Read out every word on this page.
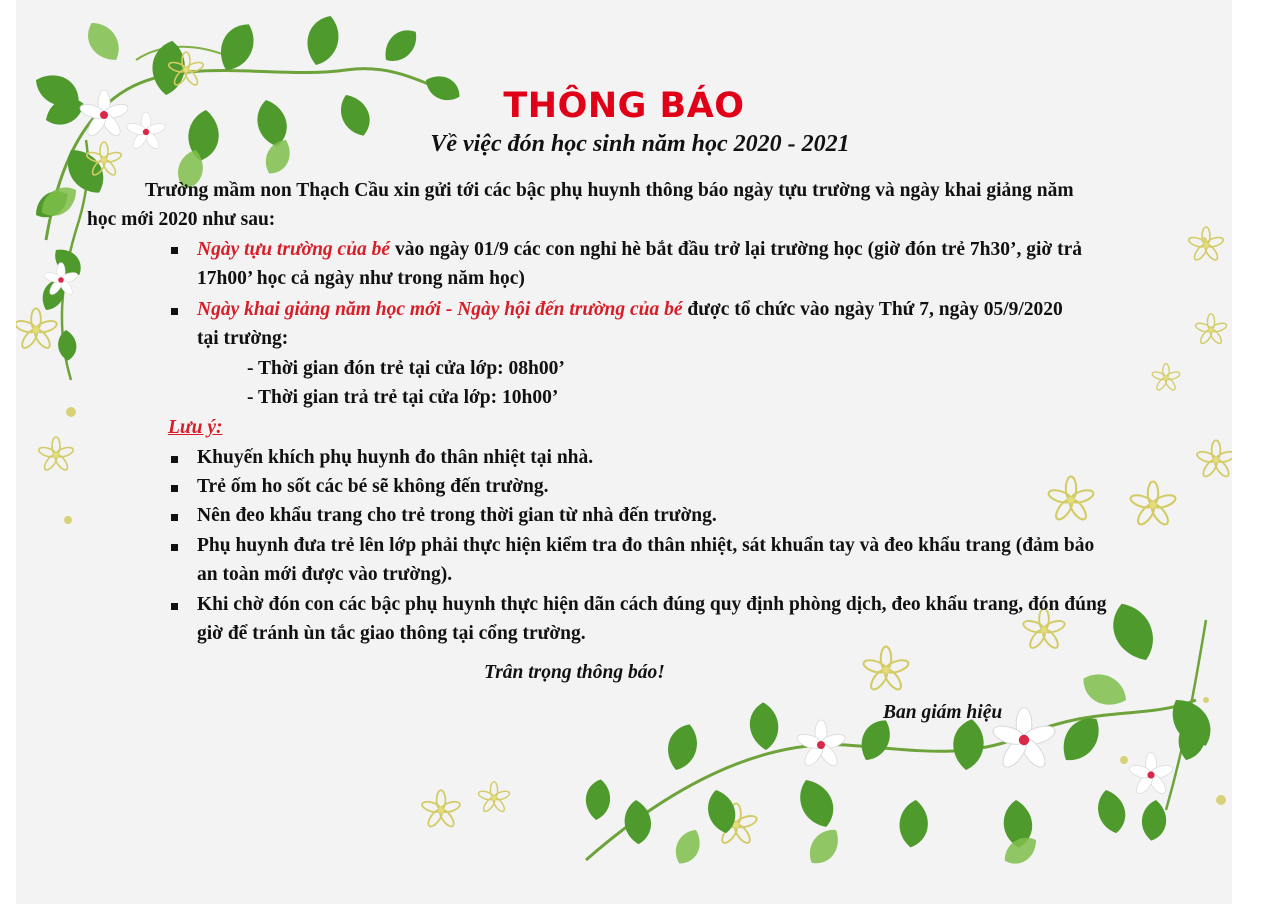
THÔNG BÁO
Về việc đón học sinh năm học 2020 - 2021
Trường mầm non Thạch Cầu xin gửi tới các bậc phụ huynh thông báo ngày tựu trường và ngày khai giảng năm
học mới 2020 như sau:
Ngày tựu trường của bé vào ngày 01/9 các con nghỉ hè bắt đầu trở lại trường học (giờ đón trẻ 7h30’, giờ trả
17h00’ học cả ngày như trong năm học)
Ngày khai giảng năm học mới - Ngày hội đến trường của bé được tổ chức vào ngày Thứ 7, ngày 05/9/2020
tại trường:
- Thời gian đón trẻ tại cửa lớp: 08h00’
- Thời gian trả trẻ tại cửa lớp: 10h00’
Lưu ý:
Khuyến khích phụ huynh đo thân nhiệt tại nhà.
Trẻ ốm ho sốt các bé sẽ không đến trường.
Nên đeo khẩu trang cho trẻ trong thời gian từ nhà đến trường.
Phụ huynh đưa trẻ lên lớp phải thực hiện kiểm tra đo thân nhiệt, sát khuẩn tay và đeo khẩu trang (đảm bảo
an toàn mới được vào trường).
Khi chờ đón con các bậc phụ huynh thực hiện dãn cách đúng quy định phòng dịch, đeo khẩu trang, đón đúng
giờ để tránh ùn tắc giao thông tại cổng trường.
Trân trọng thông báo!
Ban giám hiệu
